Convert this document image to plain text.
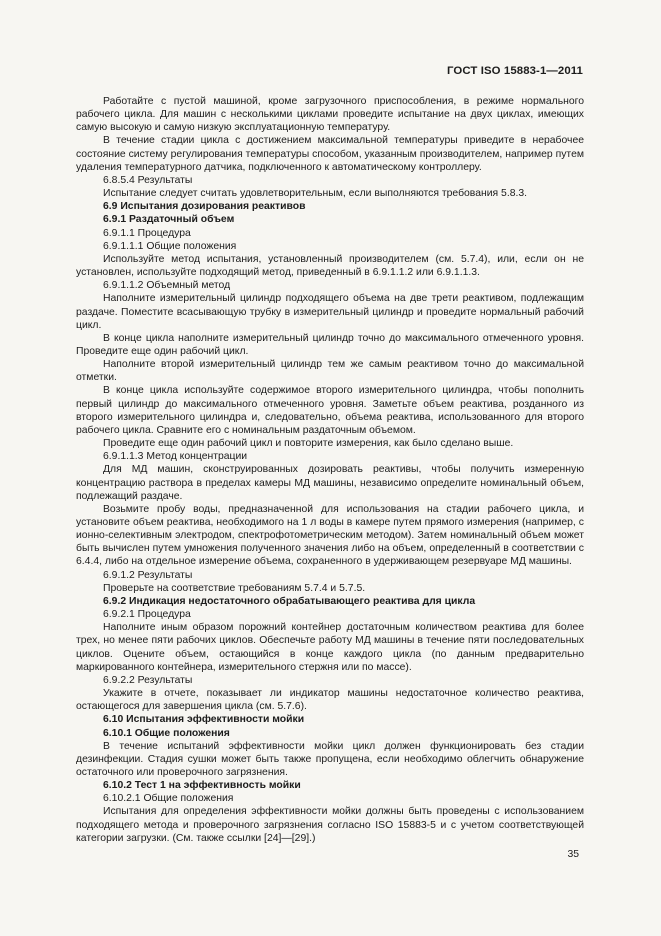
ГОСТ ISO 15883-1—2011

Работайте с пустой машиной, кроме загрузочного приспособления, в режиме нормального рабочего цикла. Для машин с несколькими циклами проведите испытание на двух циклах, имеющих самую высокую и самую низкую эксплуатационную температуру.

В течение стадии цикла с достижением максимальной температуры приведите в нерабочее состояние систему регулирования температуры способом, указанным производителем, например путем удаления температурного датчика, подключенного к автоматическому контроллеру.

6.8.5.4 Результаты

Испытание следует считать удовлетворительным, если выполняются требования 5.8.3.

6.9 Испытания дозирования реактивов

6.9.1 Раздаточный объем

6.9.1.1 Процедура

6.9.1.1.1 Общие положения

Используйте метод испытания, установленный производителем (см. 5.7.4), или, если он не установлен, используйте подходящий метод, приведенный в 6.9.1.1.2 или 6.9.1.1.3.

6.9.1.1.2 Объемный метод

Наполните измерительный цилиндр подходящего объема на две трети реактивом, подлежащим раздаче. Поместите всасывающую трубку в измерительный цилиндр и проведите нормальный рабочий цикл.

В конце цикла наполните измерительный цилиндр точно до максимального отмеченного уровня. Проведите еще один рабочий цикл.

Наполните второй измерительный цилиндр тем же самым реактивом точно до максимальной отметки.

В конце цикла используйте содержимое второго измерительного цилиндра, чтобы пополнить первый цилиндр до максимального отмеченного уровня. Заметьте объем реактива, розданного из второго измерительного цилиндра и, следовательно, объема реактива, использованного для второго рабочего цикла. Сравните его с номинальным раздаточным объемом.

Проведите еще один рабочий цикл и повторите измерения, как было сделано выше.

6.9.1.1.3 Метод концентрации

Для МД машин, сконструированных дозировать реактивы, чтобы получить измеренную концентрацию раствора в пределах камеры МД машины, независимо определите номинальный объем, подлежащий раздаче.

Возьмите пробу воды, предназначенной для использования на стадии рабочего цикла, и установите объем реактива, необходимого на 1 л воды в камере путем прямого измерения (например, с ионно-селективным электродом, спектрофотометрическим методом). Затем номинальный объем может быть вычислен путем умножения полученного значения либо на объем, определенный в соответствии с 6.4.4, либо на отдельное измерение объема, сохраненного в удерживающем резервуаре МД машины.

6.9.1.2 Результаты

Проверьте на соответствие требованиям 5.7.4 и 5.7.5.

6.9.2 Индикация недостаточного обрабатывающего реактива для цикла

6.9.2.1 Процедура

Наполните иным образом порожний контейнер достаточным количеством реактива для более трех, но менее пяти рабочих циклов. Обеспечьте работу МД машины в течение пяти последовательных циклов. Оцените объем, остающийся в конце каждого цикла (по данным предварительно маркированного контейнера, измерительного стержня или по массе).

6.9.2.2 Результаты

Укажите в отчете, показывает ли индикатор машины недостаточное количество реактива, остающегося для завершения цикла (см. 5.7.6).

6.10 Испытания эффективности мойки

6.10.1 Общие положения

В течение испытаний эффективности мойки цикл должен функционировать без стадии дезинфекции. Стадия сушки может быть также пропущена, если необходимо облегчить обнаружение остаточного или проверочного загрязнения.

6.10.2 Тест 1 на эффективность мойки

6.10.2.1 Общие положения

Испытания для определения эффективности мойки должны быть проведены с использованием подходящего метода и проверочного загрязнения согласно ISO 15883-5 и с учетом соответствующей категории загрузки. (См. также ссылки [24]—[29].)

35
